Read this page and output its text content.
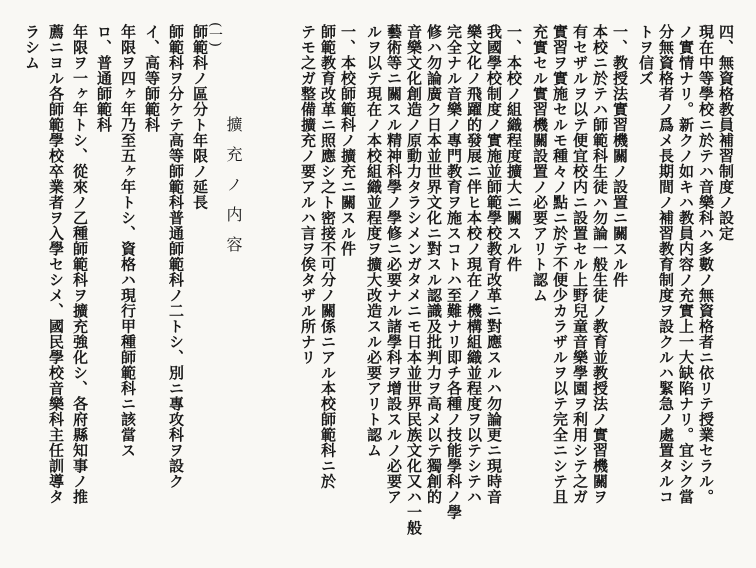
四、無資格教員補習制度ノ設定
現在中等學校ニ於テハ音樂科ハ多數ノ無資格者ニ依リテ授業セラル。
ノ實情ナリ。新クノ如キハ教員内容ノ充實上一大缺陷ナリ。宜シク當
分無資格者ノ爲メ長期間ノ補習教育制度ヲ設クルハ緊急ノ處置タルコ
トヲ信ズ
一、教授法實習機關ノ設置ニ關スル件
本校ニ於テハ師範科生徒ハ勿論一般生徒ノ教育並教授法ノ實習機關ヲ
有セザルヲ以テ便宜校内ニ設置セル上野兒童音樂學園ヲ利用シテ之ガ
實習ヲ實施セルモ種々ノ點ニ於テ不便少カラザルヲ以テ完全ニシテ且
充實セル實習機關設置ノ必要アリト認ム
一、本校ノ組織程度擴大ニ關スル件
我國學校制度ノ實施並師範學校教育改革ニ對應スルハ勿論更ニ現時音
樂文化ノ飛躍的發展ニ伴ヒ本校ノ現在ノ機構組織並程度ヲ以テシテハ
完全ナル音樂ノ專門教育ヲ施スコトハ至難ナリ即チ各種ノ技能學科ノ學
修ハ勿論廣ク日本並世界文化ニ對スル認識及批判力ヲ高メ以テ獨創的
音樂文化創造ノ原動力タラシメンガタメニモ日本並世界民族文化又ハ一般
藝術等ニ關スル精神科學ノ學修ニ必要ナル諸學科ヲ增設スルノ必要ア
ルヲ以テ現在ノ本校組織並程度ヲ擴大改造スル必要アリト認ム
一、本校師範科ノ擴充ニ關スル件
師範教育改革ニ照應シ之ト密接不可分ノ關係ニアル本校師範科ニ於
テモ之ガ整備擴充ノ要アルハ言ヲ俟タザル所ナリ
師範科ノ區分ト年限ノ延長
師範科ヲ分ケテ高等師範科普通師範科ノ二トシ、別ニ專攻科ヲ設ク
イ、高等師範科
年限ヲ四ヶ年乃至五ヶ年トシ、資格ハ現行甲種師範科ニ該當ス
ロ、普通師範科
年限ヲ一ヶ年トシ、從來ノ乙種師範科ヲ擴充強化シ、各府縣知事ノ推
薦ニヨル各師範學校卒業者ヲ入學セシメ、國民學校音樂科主任訓導タ
ラシム
擴充ノ内容
(一)
